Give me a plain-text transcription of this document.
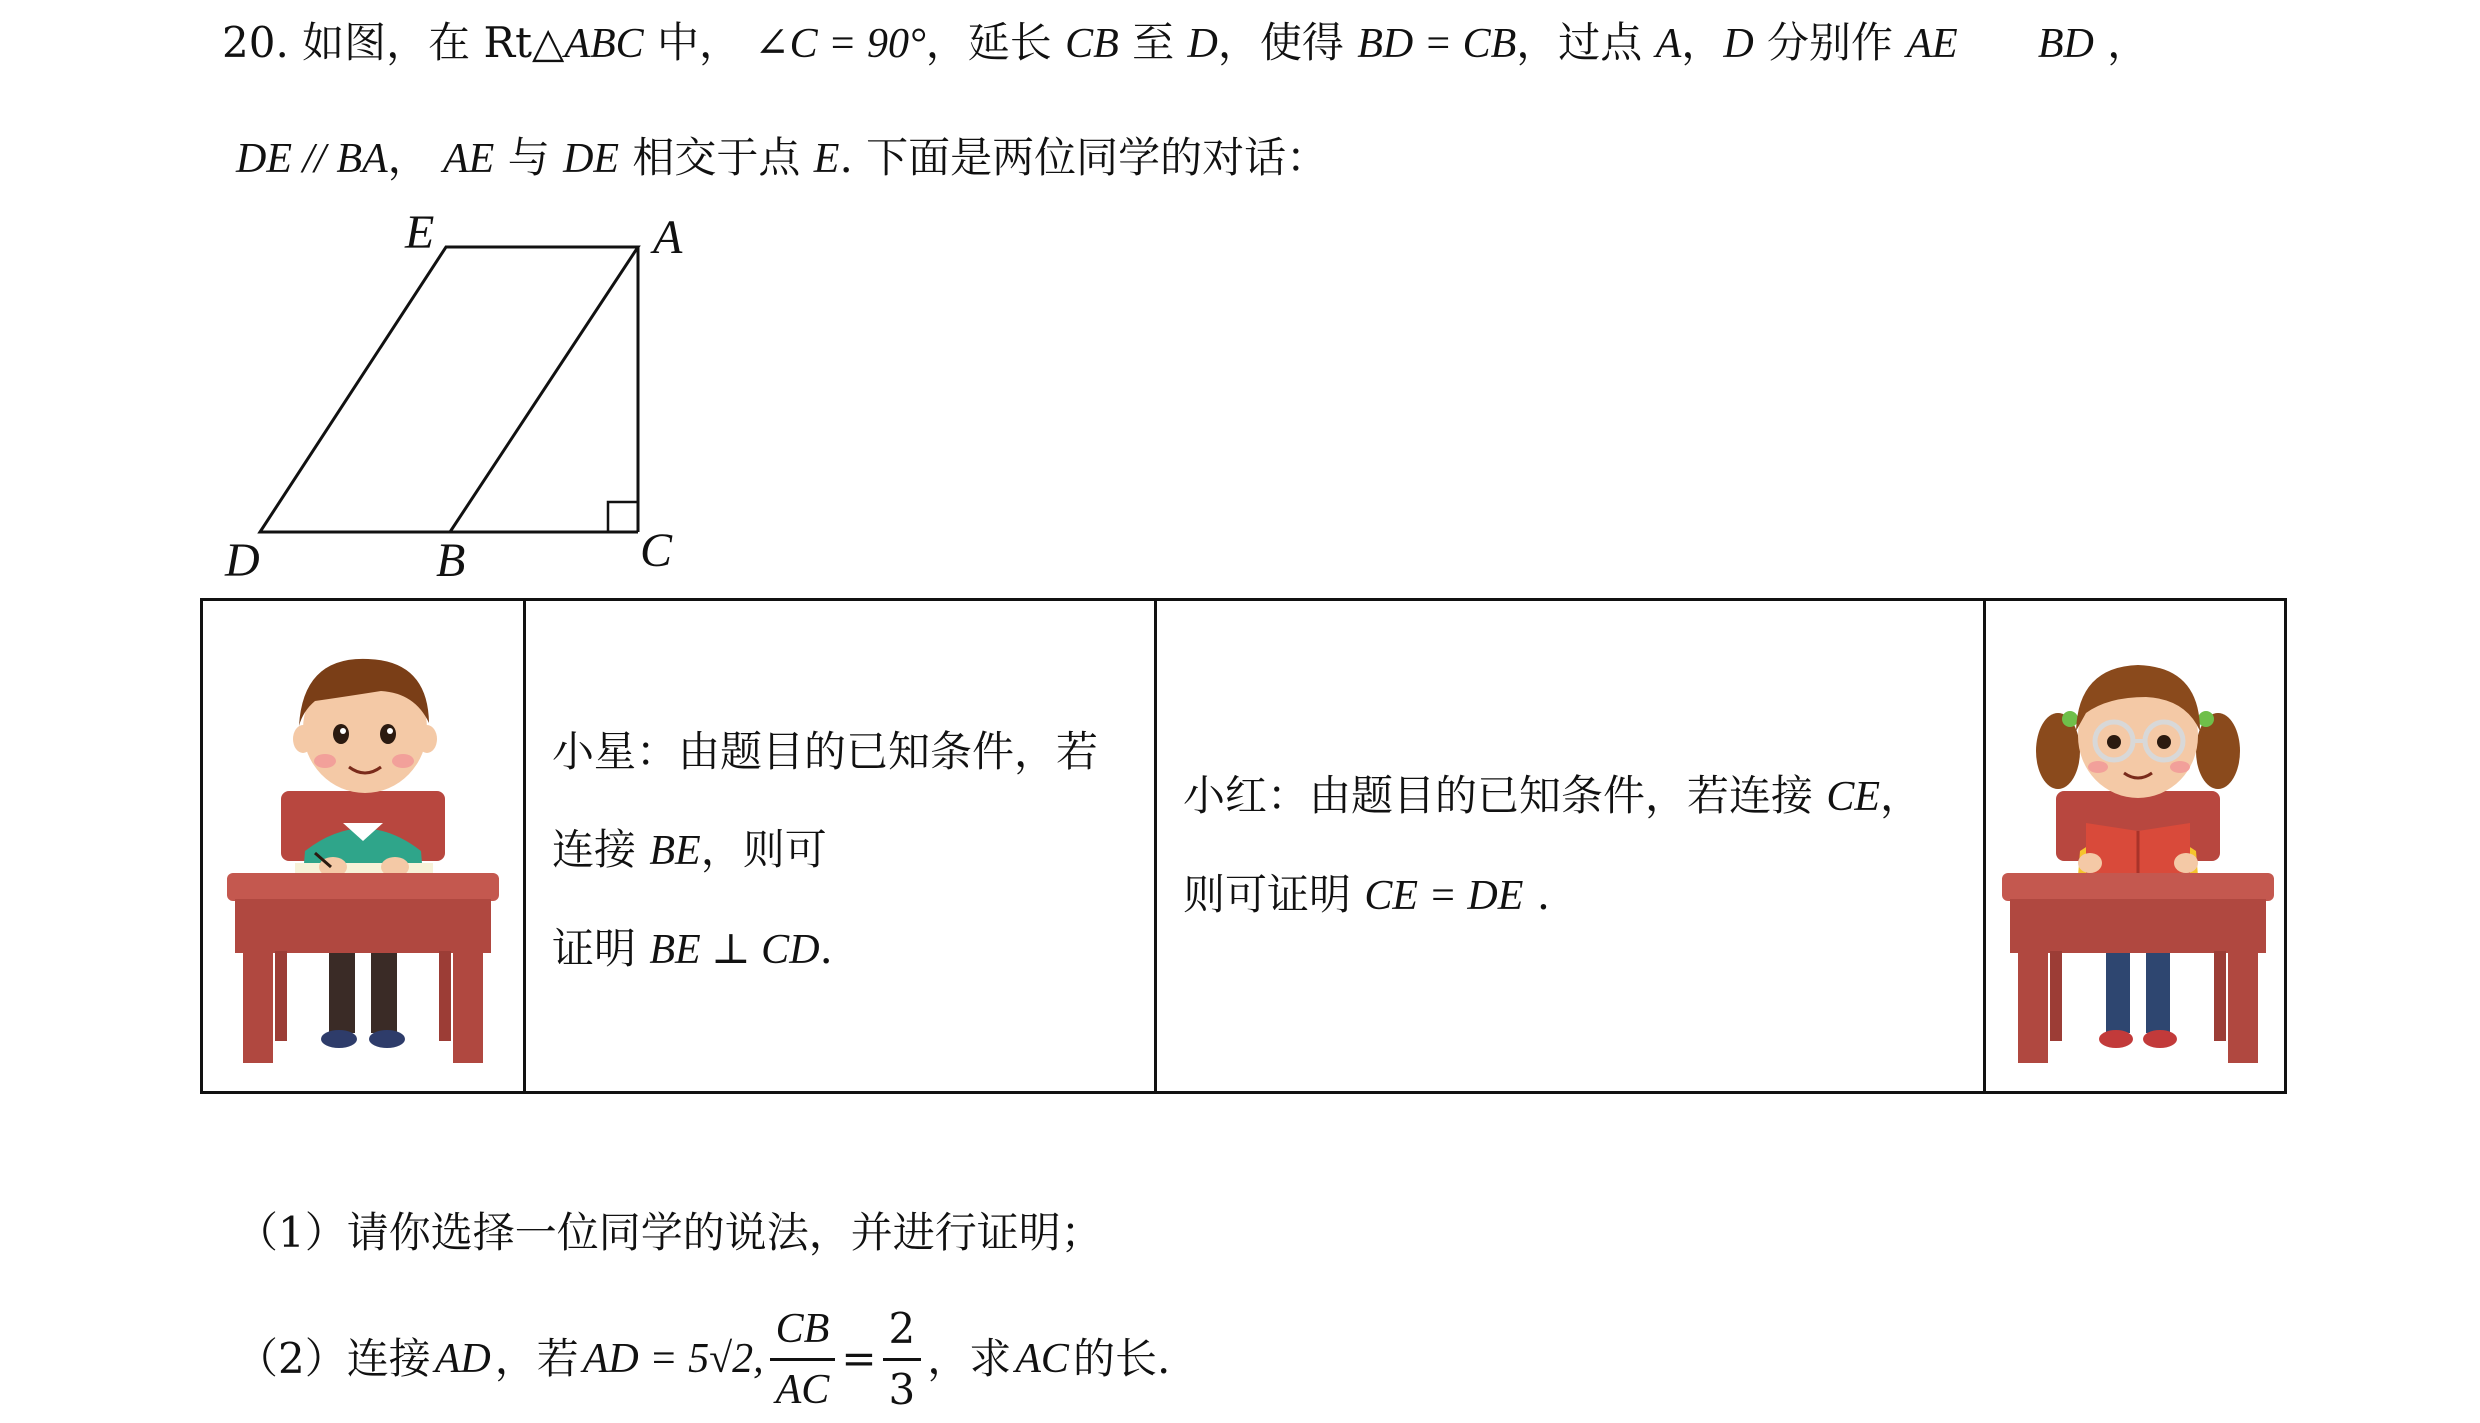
20. 如图，在 Rt△ABC 中， ∠C = 90°，延长 CB 至 D，使得 BD = CB，过点 A，D 分别作 AE BD ，
DE // BA， AE 与 DE 相交于点 E. 下面是两位同学的对话：
E	A
D	B	C

小星：由题目的已知条件，若
连接 BE，则可
证明 BE ⊥ CD.

小红：由题目的已知条件，若连接 CE，
则可证明 CE = DE .

（1）请你选择一位同学的说法，并进行证明；
（2）连接 AD ，若 AD = 5√2, $\frac{CB}{AC} = \frac{2}{3}$ ，求 AC 的长.
